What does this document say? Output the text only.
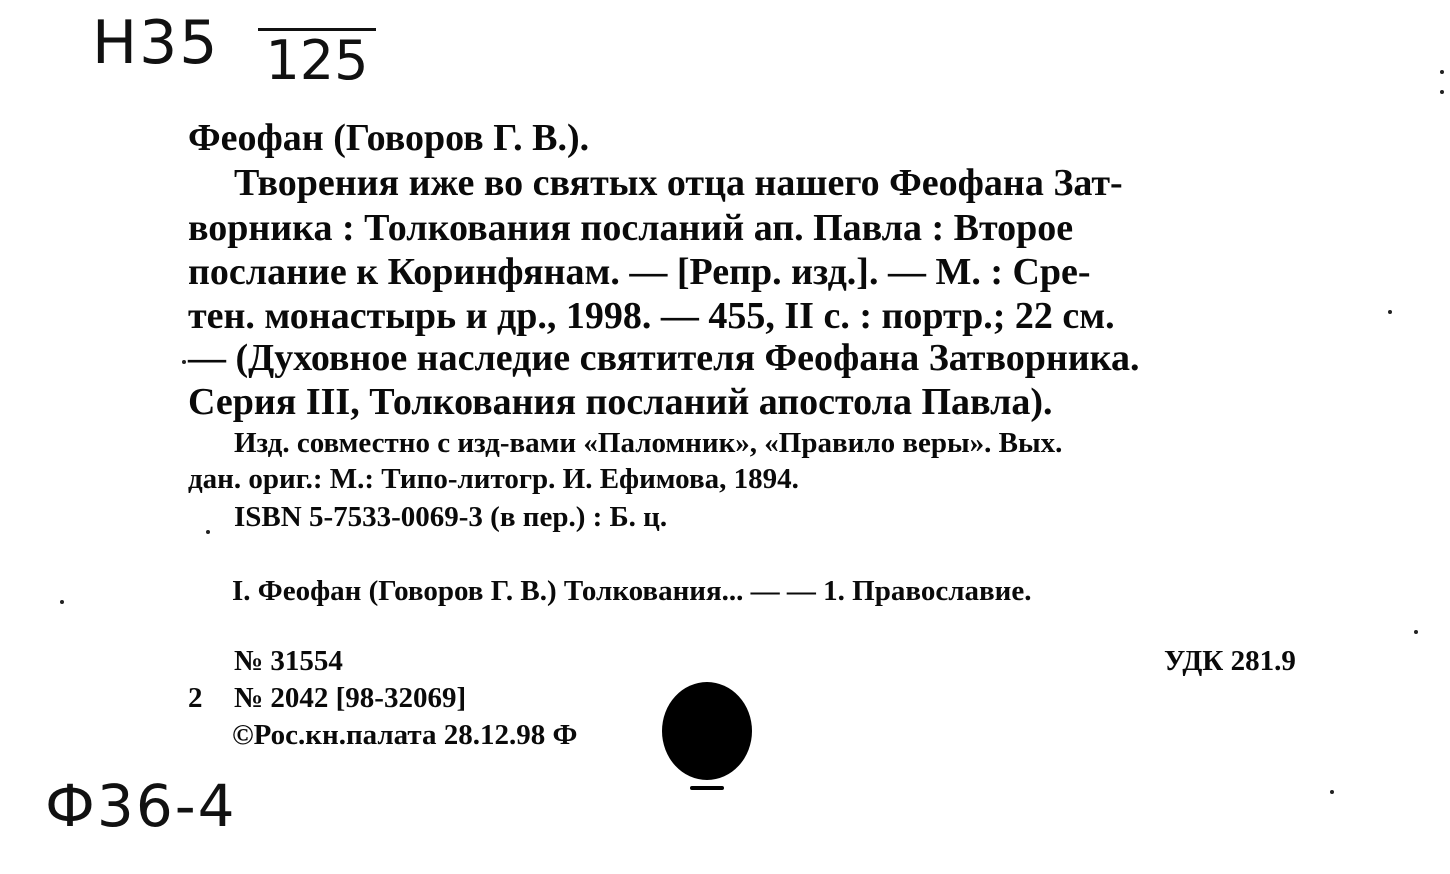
Н35 125
Ф36-4
Феофан (Говоров Г. В.).
Творения иже во святых отца нашего Феофана Зат-
ворника : Толкования посланий ап. Павла : Второе
послание к Коринфянам. — [Репр. изд.]. — М. : Сре-
тен. монастырь и др., 1998. — 455, II с. : портр.; 22 см.
— (Духовное наследие святителя Феофана Затворника.
Серия III, Толкования посланий апостола Павла).
Изд. совместно с изд-вами «Паломник», «Правило веры». Вых.
дан. ориг.: М.: Типо-литогр. И. Ефимова, 1894.
ISBN 5-7533-0069-3 (в пер.) : Б. ц.
I. Феофан (Говоров Г. В.) Толкования... — — 1. Православие.
№ 31554	УДК 281.9
2 № 2042 [98-32069]
©Рос.кн.палата 28.12.98 Ф
